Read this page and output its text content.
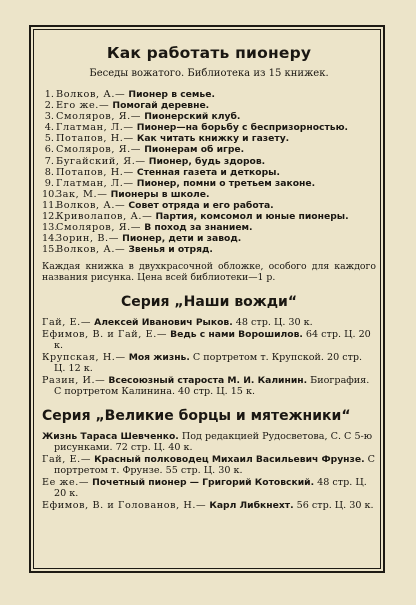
Как работать пионеру

Беседы вожатого. Библиотека из 15 книжек.

1. Волков, А.— Пионер в семье.
2. Его же.— Помогай деревне.
3. Смоляров, Я.— Пионерский клуб.
4. Глатман, Л.— Пионер—на борьбу с беспризорностью.
5. Потапов, Н.— Как читать книжку и газету.
6. Смоляров, Я.— Пионерам об игре.
7. Бугайский, Я.— Пионер, будь здоров.
8. Потапов, Н.— Стенная газета и деткоры.
9. Глатман, Л.— Пионер, помни о третьем законе.
10.
Зак, М.— Пионеры в школе.
11.
Волков, А.— Совет отряда и его работа.
12.
Криволапов, А.— Партия, комсомол и юные пионеры.
13.
Смоляров, Я.— В поход за знанием.
14.
Зорин, В.— Пионер, дети и завод.
15.
Волков, А.— Звенья и отряд.

Каждая книжка в двухкрасочной обложке, особого для каждого названия рисунка. Цена всей библиотеки—1 р.

Серия „Наши вожди“

Гай, Е.— Алексей Иванович Рыков. 48 стр. Ц. 30 к.

Ефимов, В. и Гай, Е.— Ведь с нами Ворошилов. 64 стр. Ц. 20 к.

Крупская, Н.— Моя жизнь. С портретом т. Крупской. 20 стр. Ц. 12 к.

Разин, И.— Всесоюзный староста М. И. Калинин. Биография. С портретом Калинина. 40 стр. Ц. 15 к.

Серия „Великие борцы и мятежники“

Жизнь Тараса Шевченко. Под редакцией Рудосветова, С. С 5-ю рисунками. 72 стр. Ц. 40 к.

Гай, Е.— Красный полководец Михаил Васильевич Фрунзе. С портретом т. Фрунзе. 55 стр. Ц. 30 к.

Ее же.— Почетный пионер — Григорий Котовский. 48 стр. Ц. 20 к.

Ефимов, В. и Голованов, Н.— Карл Либкнехт. 56 стр. Ц. 30 к.
